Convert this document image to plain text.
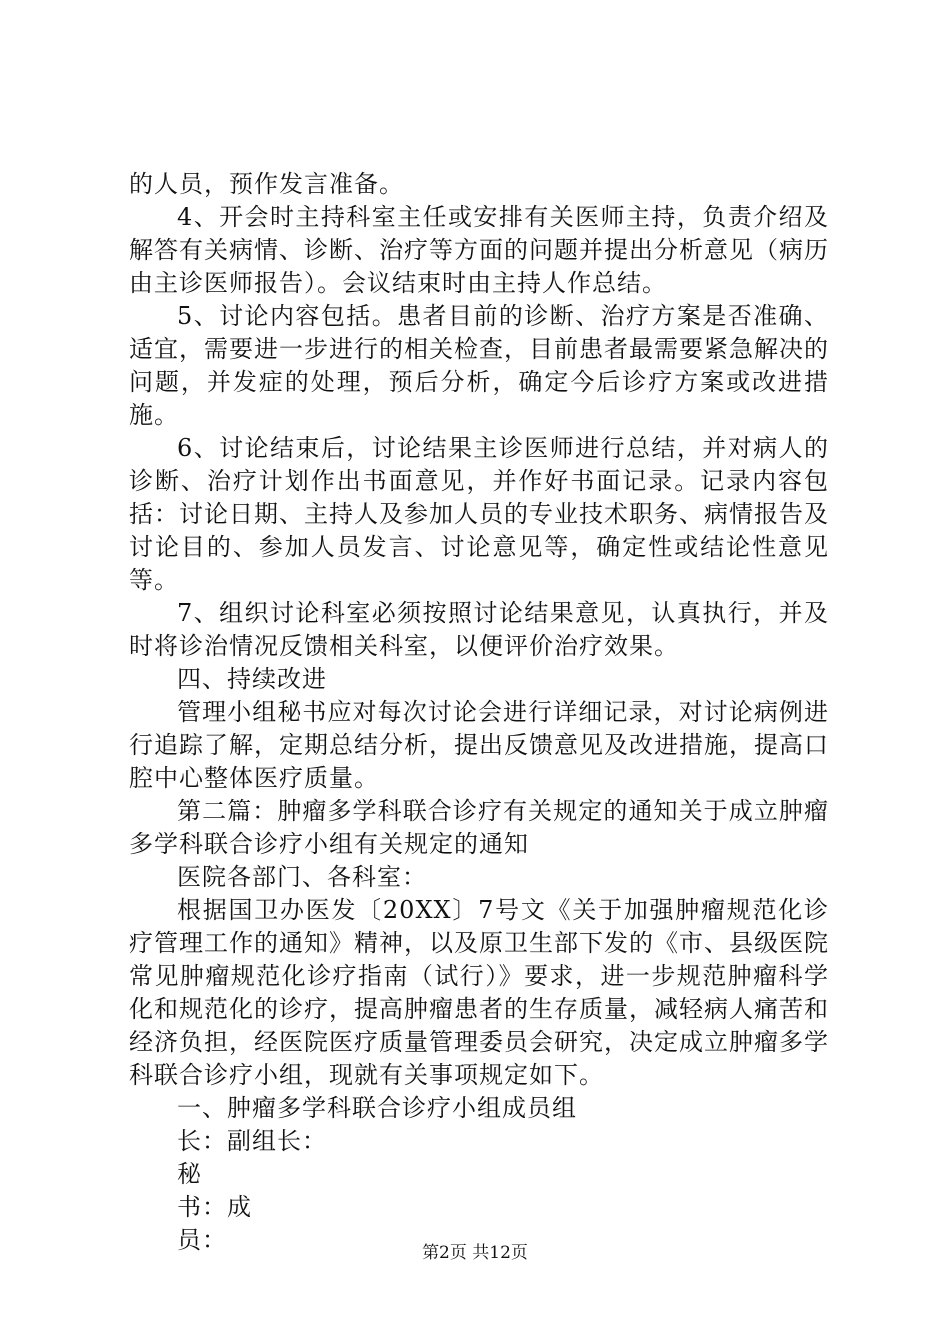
的人员，预作发言准备。

4、开会时主持科室主任或安排有关医师主持，负责介绍及解答有关病情、诊断、治疗等方面的问题并提出分析意见（病历由主诊医师报告）。会议结束时由主持人作总结。

5、讨论内容包括。患者目前的诊断、治疗方案是否准确、适宜，需要进一步进行的相关检查，目前患者最需要紧急解决的问题，并发症的处理，预后分析，确定今后诊疗方案或改进措施。

6、讨论结束后，讨论结果主诊医师进行总结，并对病人的诊断、治疗计划作出书面意见，并作好书面记录。记录内容包括：讨论日期、主持人及参加人员的专业技术职务、病情报告及讨论目的、参加人员发言、讨论意见等，确定性或结论性意见等。

7、组织讨论科室必须按照讨论结果意见，认真执行，并及时将诊治情况反馈相关科室，以便评价治疗效果。

四、持续改进

管理小组秘书应对每次讨论会进行详细记录，对讨论病例进行追踪了解，定期总结分析，提出反馈意见及改进措施，提高口腔中心整体医疗质量。

第二篇：肿瘤多学科联合诊疗有关规定的通知关于成立肿瘤多学科联合诊疗小组有关规定的通知

医院各部门、各科室：

根据国卫办医发〔20XX〕7号文《关于加强肿瘤规范化诊疗管理工作的通知》精神，以及原卫生部下发的《市、县级医院常见肿瘤规范化诊疗指南（试行）》要求，进一步规范肿瘤科学化和规范化的诊疗，提高肿瘤患者的生存质量，减轻病人痛苦和经济负担，经医院医疗质量管理委员会研究，决定成立肿瘤多学科联合诊疗小组，现就有关事项规定如下。

一、肿瘤多学科联合诊疗小组成员组

长：副组长：

秘

书：成

员：	第2页 共12页
